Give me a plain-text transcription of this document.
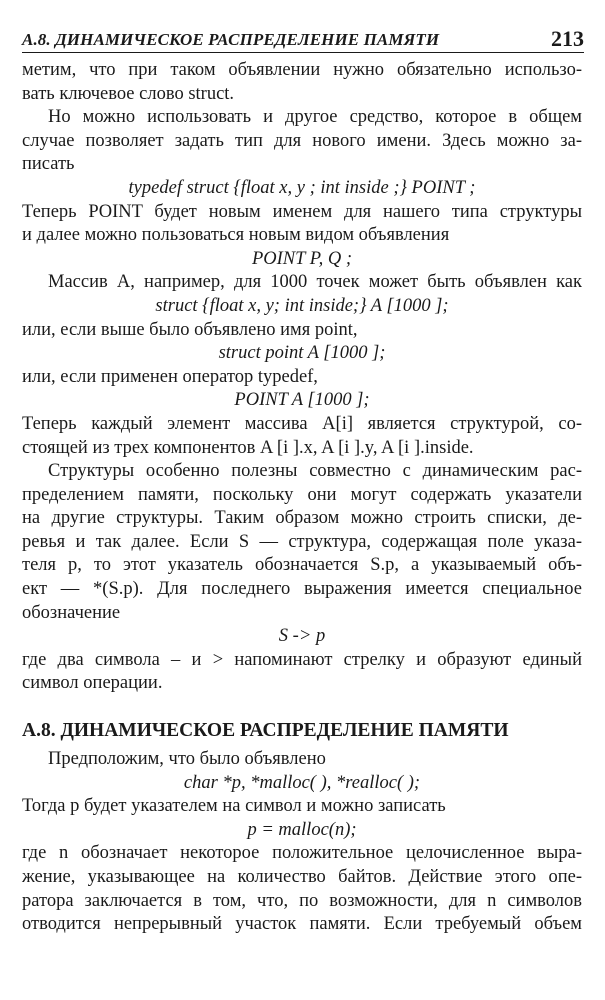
А.8. ДИНАМИЧЕСКОЕ РАСПРЕДЕЛЕНИЕ ПАМЯТИ	213
метим, что при таком объявлении нужно обязательно использо-
вать ключевое слово struct.
Но можно использовать и другое средство, которое в общем
случае позволяет задать тип для нового имени. Здесь можно за-
писать
typedef struct {float x, y ; int inside ;} POINT ;
Теперь POINT будет новым именем для нашего типа структуры
и далее можно пользоваться новым видом объявления
POINT P, Q ;
Массив A, например, для 1000 точек может быть объявлен как
struct {float x, y; int inside;} A [1000 ];
или, если выше было объявлено имя point,
struct point A [1000 ];
или, если применен оператор typedef,
POINT A [1000 ];
Теперь каждый элемент массива A[i] является структурой, со-
стоящей из трех компонентов A [i ].x, A [i ].y, A [i ].inside.
Структуры особенно полезны совместно с динамическим рас-
пределением памяти, поскольку они могут содержать указатели
на другие структуры. Таким образом можно строить списки, де-
ревья и так далее. Если S — структура, содержащая поле указа-
теля p, то этот указатель обозначается S.p, а указываемый объ-
ект — *(S.p). Для последнего выражения имеется специальное
обозначение
S -> p
где два символа – и > напоминают стрелку и образуют единый
символ операции.
А.8. ДИНАМИЧЕСКОЕ РАСПРЕДЕЛЕНИЕ ПАМЯТИ
Предположим, что было объявлено
char *p, *malloc( ), *realloc( );
Тогда p будет указателем на символ и можно записать
p = malloc(n);
где n обозначает некоторое положительное целочисленное выра-
жение, указывающее на количество байтов. Действие этого опе-
ратора заключается в том, что, по возможности, для n символов
отводится непрерывный участок памяти. Если требуемый объем
